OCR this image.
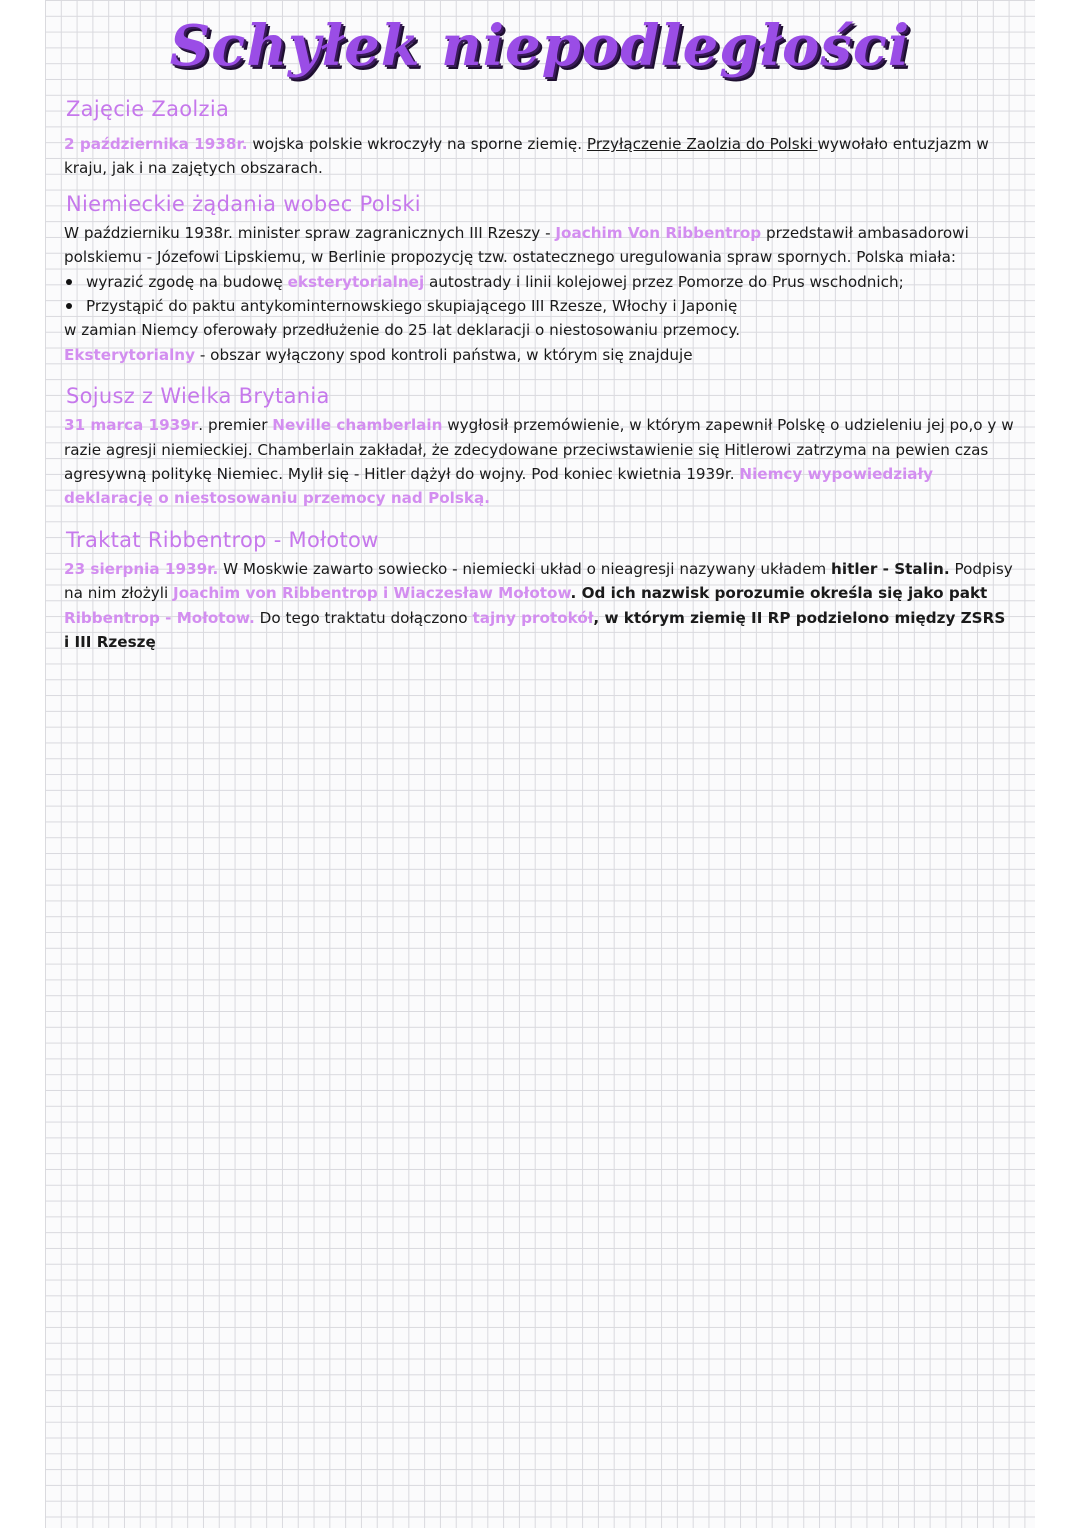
Schyłek niepodległości
Zajęcie Zaolzia

2 października 1938r. wojska polskie wkroczyły na sporne ziemię. Przyłączenie Zaolzia do Polski wywołało entuzjazm w kraju, jak i na zajętych obszarach.

Niemieckie żądania wobec Polski

W październiku 1938r. minister spraw zagranicznych III Rzeszy - Joachim Von Ribbentrop przedstawił ambasadorowi polskiemu - Józefowi Lipskiemu, w Berlinie propozycję tzw. ostatecznego uregulowania spraw spornych. Polska miała:

wyrazić zgodę na budowę eksterytorialnej autostrady i linii kolejowej przez Pomorze do Prus wschodnich;
Przystąpić do paktu antykominternowskiego skupiającego III Rzesze, Włochy i Japonię

w zamian Niemcy oferowały przedłużenie do 25 lat deklaracji o niestosowaniu przemocy.

Eksterytorialny - obszar wyłączony spod kontroli państwa, w którym się znajduje

Sojusz z Wielka Brytania

31 marca 1939r. premier Neville chamberlain wygłosił przemówienie, w którym zapewnił Polskę o udzieleniu jej po,o y w razie agresji niemieckiej. Chamberlain zakładał, że zdecydowane przeciwstawienie się Hitlerowi zatrzyma na pewien czas agresywną politykę Niemiec. Mylił się - Hitler dążył do wojny. Pod koniec kwietnia 1939r. Niemcy wypowiedziały deklarację o niestosowaniu przemocy nad Polską.

Traktat Ribbentrop - Mołotow

23 sierpnia 1939r. W Moskwie zawarto sowiecko - niemiecki układ o nieagresji nazywany układem hitler - Stalin. Podpisy na nim złożyli Joachim von Ribbentrop i Wiaczesław Mołotow. Od ich nazwisk porozumie określa się jako pakt Ribbentrop - Mołotow. Do tego traktatu dołączono tajny protokół, w którym ziemię II RP podzielono między ZSRS i III Rzeszę
